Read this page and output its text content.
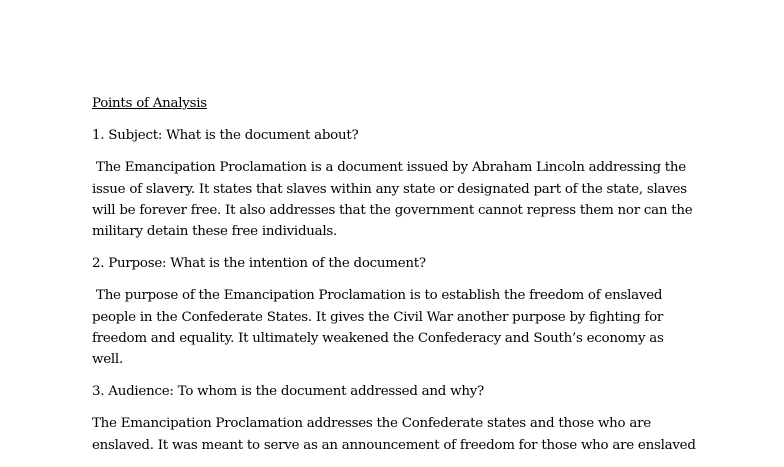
Points of Analysis
1. Subject: What is the document about?
The Emancipation Proclamation is a document issued by Abraham Lincoln addressing the
issue of slavery. It states that slaves within any state or designated part of the state, slaves
will be forever free. It also addresses that the government cannot repress them nor can the
military detain these free individuals.
2. Purpose: What is the intention of the document?
The purpose of the Emancipation Proclamation is to establish the freedom of enslaved
people in the Confederate States. It gives the Civil War another purpose by fighting for
freedom and equality. It ultimately weakened the Confederacy and South’s economy as
well.
3. Audience: To whom is the document addressed and why?
The Emancipation Proclamation addresses the Confederate states and those who are
enslaved. It was meant to serve as an announcement of freedom for those who are enslaved
